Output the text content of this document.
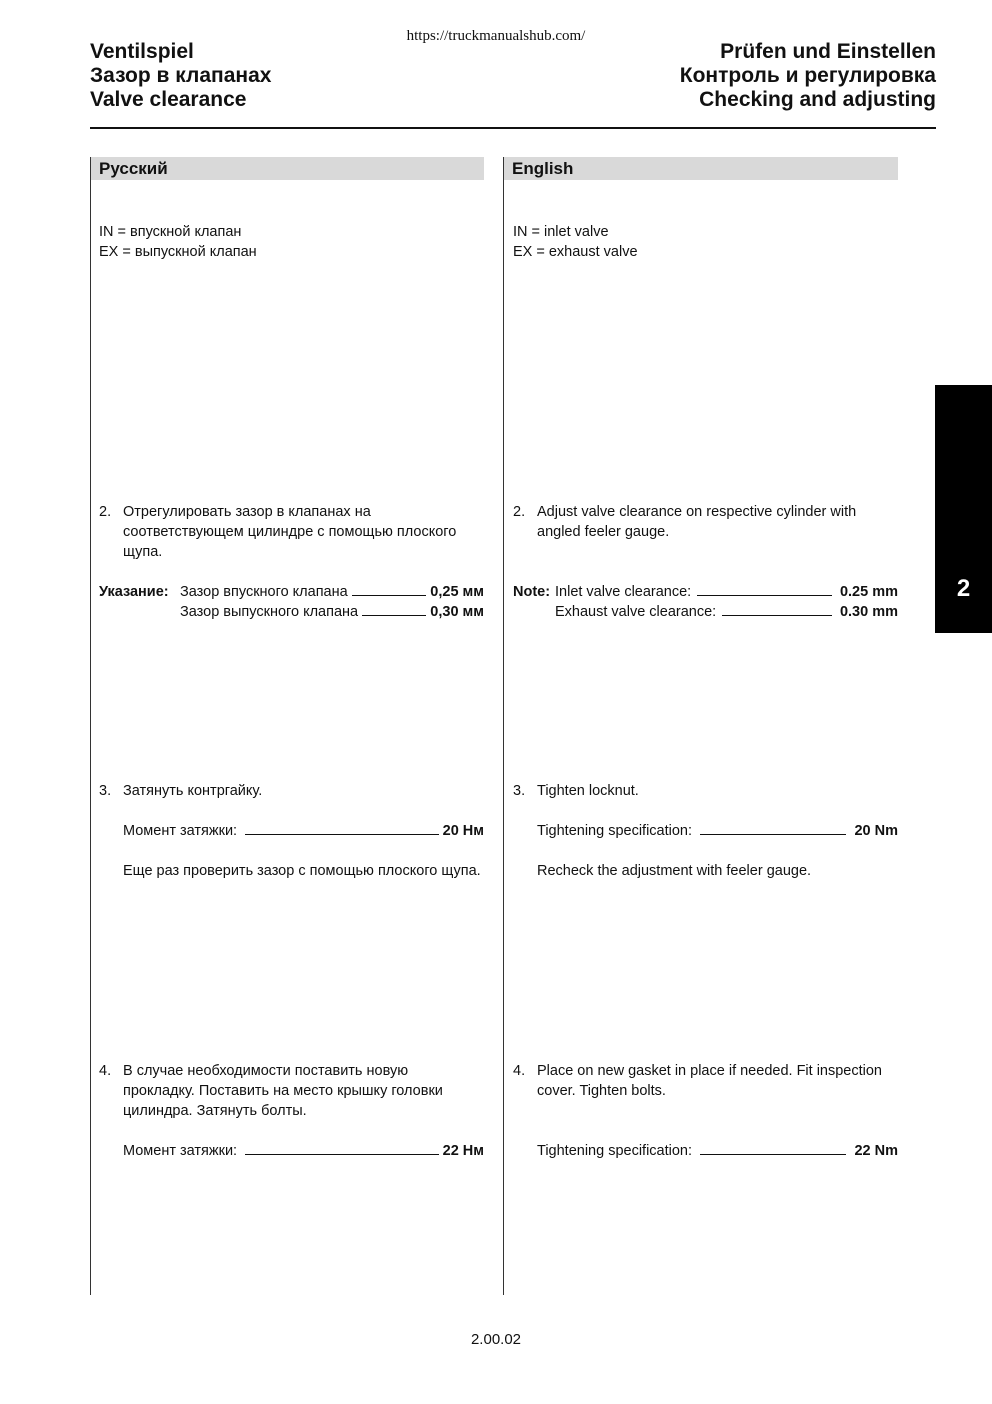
https://truckmanualshub.com/
Ventilspiel
Зазор в клапанах
Valve clearance
Prüfen und Einstellen
Контроль и регулировка
Checking and adjusting
Русский
IN = впускной клапан
EX = выпускной клапан
2. Отрегулировать зазор в клапанах на
соответствующем цилиндре с помощью плоского
щупа.
Указание: Зазор впускного клапана	0,25 мм
Зазор выпускного клапана	0,30 мм
3. Затянуть контргайку.
Момент затяжки:	20 Нм
Еще раз проверить зазор с помощью плоского щупа.
4. В случае необходимости поставить новую
прокладку. Поставить на место крышку головки
цилиндра. Затянуть болты.
Момент затяжки:	22 Нм
English
IN = inlet valve
EX = exhaust valve
2. Adjust valve clearance on respective cylinder with
angled feeler gauge.
Note: Inlet valve clearance:	0.25 mm
Exhaust valve clearance:	0.30 mm
3. Tighten locknut.
Tightening specification:	20 Nm
Recheck the adjustment with feeler gauge.
4. Place on new gasket in place if needed. Fit inspection
cover. Tighten bolts.
Tightening specification:	22 Nm
2
2.00.02
